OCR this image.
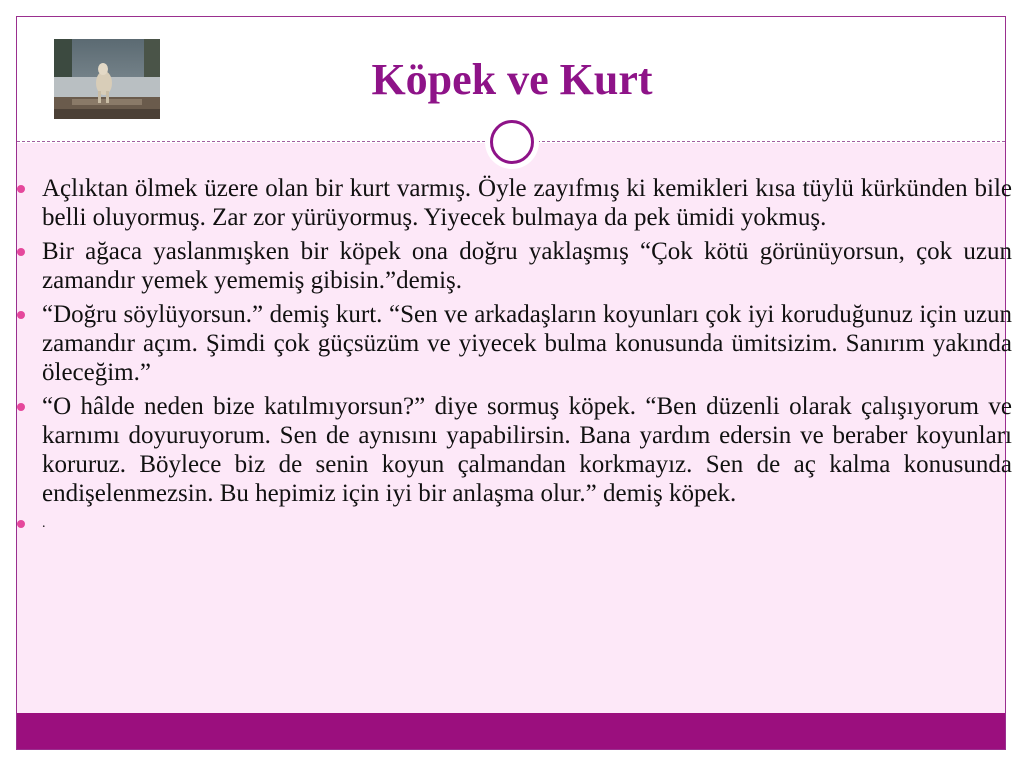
Köpek ve Kurt
Açlıktan ölmek üzere olan bir kurt varmış. Öyle zayıfmış ki kemikleri kısa tüylü kürkünden bile belli oluyormuş. Zar zor yürüyormuş. Yiyecek bulmaya da pek ümidi yokmuş.
Bir ağaca yaslanmışken bir köpek ona doğru yaklaşmış “Çok kötü görünüyorsun, çok uzun zamandır yemek yememiş gibisin.”demiş.
“Doğru söylüyorsun.” demiş kurt. “Sen ve arkadaşların koyunları çok iyi koruduğunuz için uzun zamandır açım. Şimdi çok güçsüzüm ve yiyecek bulma konusunda ümitsizim. Sanırım yakında öleceğim.”
“O hâlde neden bize katılmıyorsun?” diye sormuş köpek. “Ben düzenli olarak çalışıyorum ve karnımı doyuruyorum. Sen de aynısını yapabilirsin. Bana yardım edersin ve beraber koyunları koruruz. Böylece biz de senin koyun çalmandan korkmayız. Sen de aç kalma konusunda endişelenmezsin. Bu hepimiz için iyi bir anlaşma olur.” demiş köpek.
.
